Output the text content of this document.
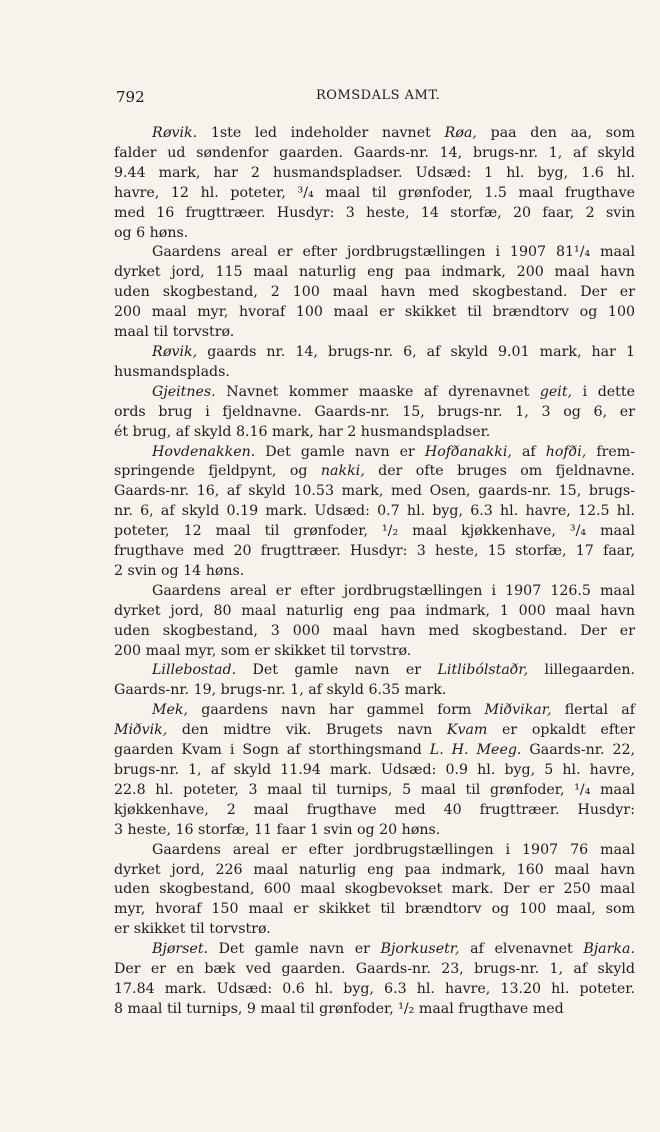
792	ROMSDALS AMT.
Røvik. 1ste led indeholder navnet Røa, paa den aa, som
falder ud søndenfor gaarden. Gaards-nr. 14, brugs-nr. 1, af skyld
9.44 mark, har 2 husmandspladser. Udsæd: 1 hl. byg, 1.6 hl.
havre, 12 hl. poteter, ³/₄ maal til grønfoder, 1.5 maal frugthave
med 16 frugttræer. Husdyr: 3 heste, 14 storfæ, 20 faar, 2 svin
og 6 høns.
Gaardens areal er efter jordbrugstællingen i 1907 81¹/₄ maal
dyrket jord, 115 maal naturlig eng paa indmark, 200 maal havn
uden skogbestand, 2 100 maal havn med skogbestand. Der er
200 maal myr, hvoraf 100 maal er skikket til brændtorv og 100
maal til torvstrø.
Røvik, gaards nr. 14, brugs-nr. 6, af skyld 9.01 mark, har 1
husmandsplads.
Gjeitnes. Navnet kommer maaske af dyrenavnet geit, i dette
ords brug i fjeldnavne. Gaards-nr. 15, brugs-nr. 1, 3 og 6, er
ét brug, af skyld 8.16 mark, har 2 husmandspladser.
Hovdenakken. Det gamle navn er Hofðanakki, af hofði, frem-
springende fjeldpynt, og nakki, der ofte bruges om fjeldnavne.
Gaards-nr. 16, af skyld 10.53 mark, med Osen, gaards-nr. 15, brugs-
nr. 6, af skyld 0.19 mark. Udsæd: 0.7 hl. byg, 6.3 hl. havre, 12.5 hl.
poteter, 12 maal til grønfoder, ¹/₂ maal kjøkkenhave, ³/₄ maal
frugthave med 20 frugttræer. Husdyr: 3 heste, 15 storfæ, 17 faar,
2 svin og 14 høns.
Gaardens areal er efter jordbrugstællingen i 1907 126.5 maal
dyrket jord, 80 maal naturlig eng paa indmark, 1 000 maal havn
uden skogbestand, 3 000 maal havn med skogbestand. Der er
200 maal myr, som er skikket til torvstrø.
Lillebostad. Det gamle navn er Litlibólstaðr, lillegaarden.
Gaards-nr. 19, brugs-nr. 1, af skyld 6.35 mark.
Mek, gaardens navn har gammel form Miðvikar, flertal af
Miðvik, den midtre vik. Brugets navn Kvam er opkaldt efter
gaarden Kvam i Sogn af storthingsmand L. H. Meeg. Gaards-nr. 22,
brugs-nr. 1, af skyld 11.94 mark. Udsæd: 0.9 hl. byg, 5 hl. havre,
22.8 hl. poteter, 3 maal til turnips, 5 maal til grønfoder, ¹/₄ maal
kjøkkenhave, 2 maal frugthave med 40 frugttræer. Husdyr:
3 heste, 16 storfæ, 11 faar 1 svin og 20 høns.
Gaardens areal er efter jordbrugstællingen i 1907 76 maal
dyrket jord, 226 maal naturlig eng paa indmark, 160 maal havn
uden skogbestand, 600 maal skogbevokset mark. Der er 250 maal
myr, hvoraf 150 maal er skikket til brændtorv og 100 maal, som
er skikket til torvstrø.
Bjørset. Det gamle navn er Bjorkusetr, af elvenavnet Bjarka.
Der er en bæk ved gaarden. Gaards-nr. 23, brugs-nr. 1, af skyld
17.84 mark. Udsæd: 0.6 hl. byg, 6.3 hl. havre, 13.20 hl. poteter.
8 maal til turnips, 9 maal til grønfoder, ¹/₂ maal frugthave med
